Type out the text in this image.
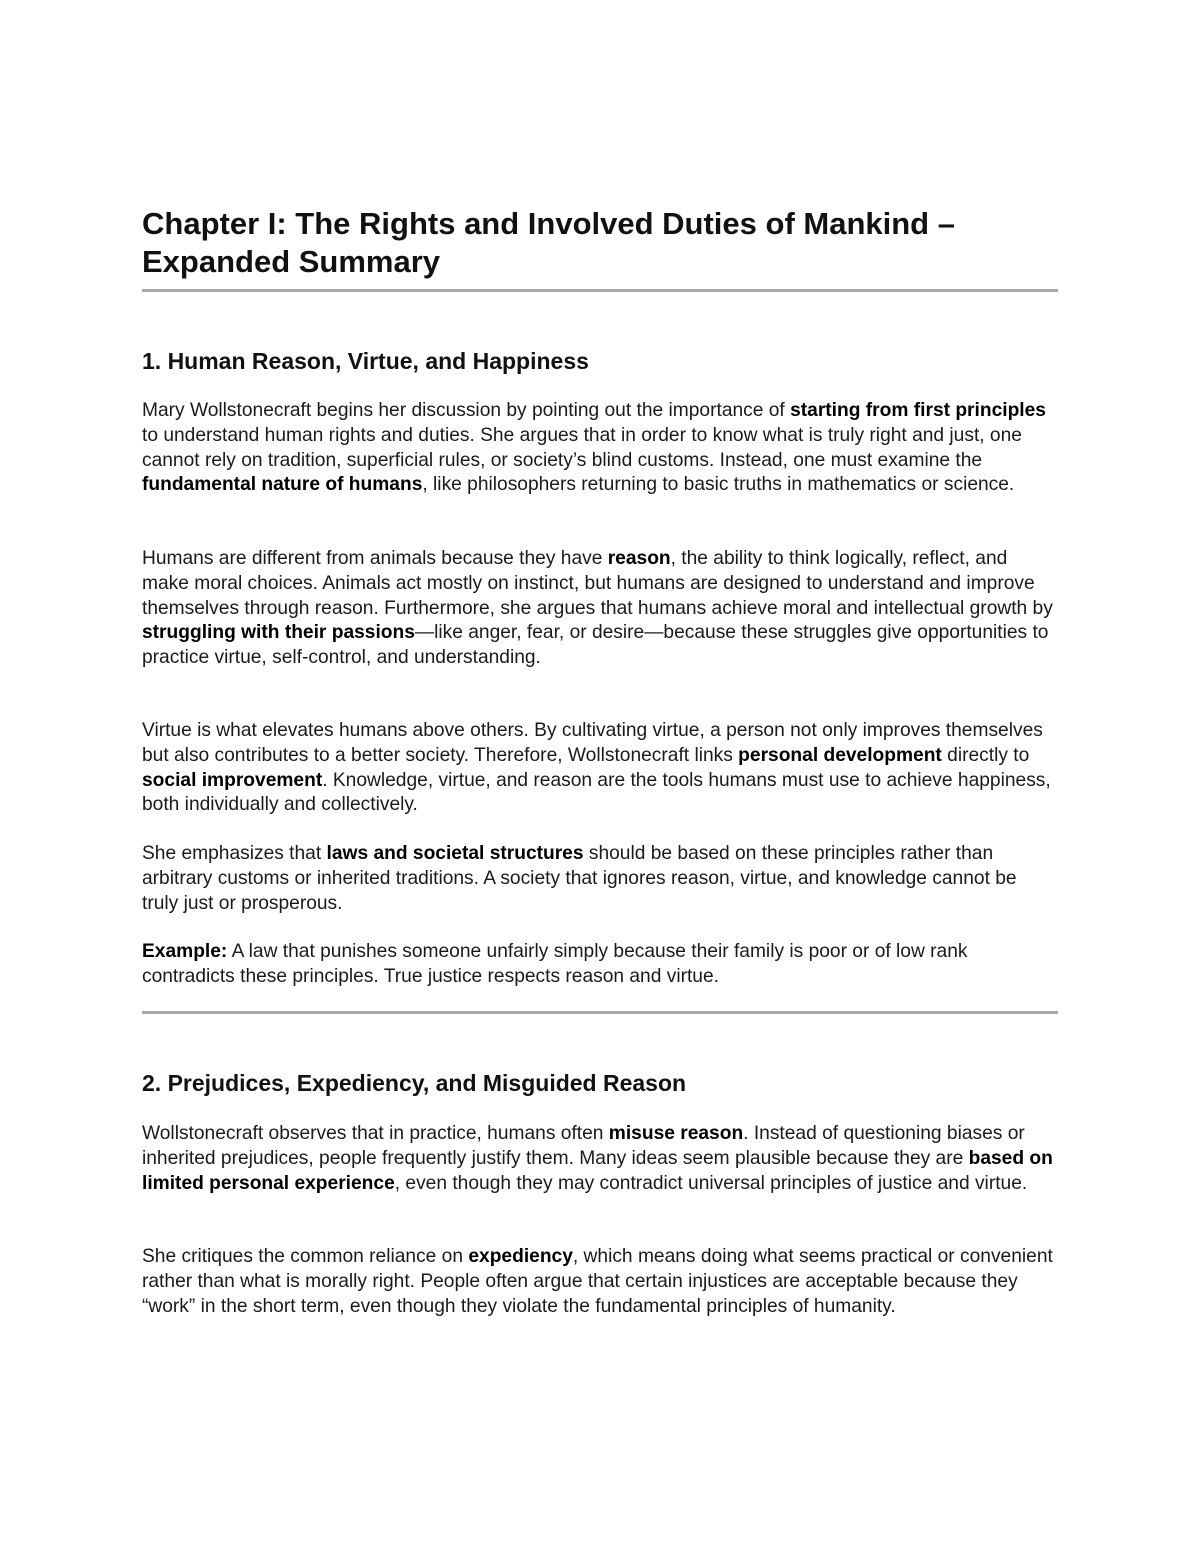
Chapter I: The Rights and Involved Duties of Mankind – Expanded Summary
1. Human Reason, Virtue, and Happiness

Mary Wollstonecraft begins her discussion by pointing out the importance of starting from first principles to understand human rights and duties. She argues that in order to know what is truly right and just, one cannot rely on tradition, superficial rules, or society’s blind customs. Instead, one must examine the fundamental nature of humans, like philosophers returning to basic truths in mathematics or science.

Humans are different from animals because they have reason, the ability to think logically, reflect, and make moral choices. Animals act mostly on instinct, but humans are designed to understand and improve themselves through reason. Furthermore, she argues that humans achieve moral and intellectual growth by struggling with their passions—like anger, fear, or desire—because these struggles give opportunities to practice virtue, self-control, and understanding.

Virtue is what elevates humans above others. By cultivating virtue, a person not only improves themselves but also contributes to a better society. Therefore, Wollstonecraft links personal development directly to social improvement. Knowledge, virtue, and reason are the tools humans must use to achieve happiness, both individually and collectively.

She emphasizes that laws and societal structures should be based on these principles rather than arbitrary customs or inherited traditions. A society that ignores reason, virtue, and knowledge cannot be truly just or prosperous.

Example: A law that punishes someone unfairly simply because their family is poor or of low rank contradicts these principles. True justice respects reason and virtue.

2. Prejudices, Expediency, and Misguided Reason

Wollstonecraft observes that in practice, humans often misuse reason. Instead of questioning biases or inherited prejudices, people frequently justify them. Many ideas seem plausible because they are based on limited personal experience, even though they may contradict universal principles of justice and virtue.

She critiques the common reliance on expediency, which means doing what seems practical or convenient rather than what is morally right. People often argue that certain injustices are acceptable because they “work” in the short term, even though they violate the fundamental principles of humanity.
